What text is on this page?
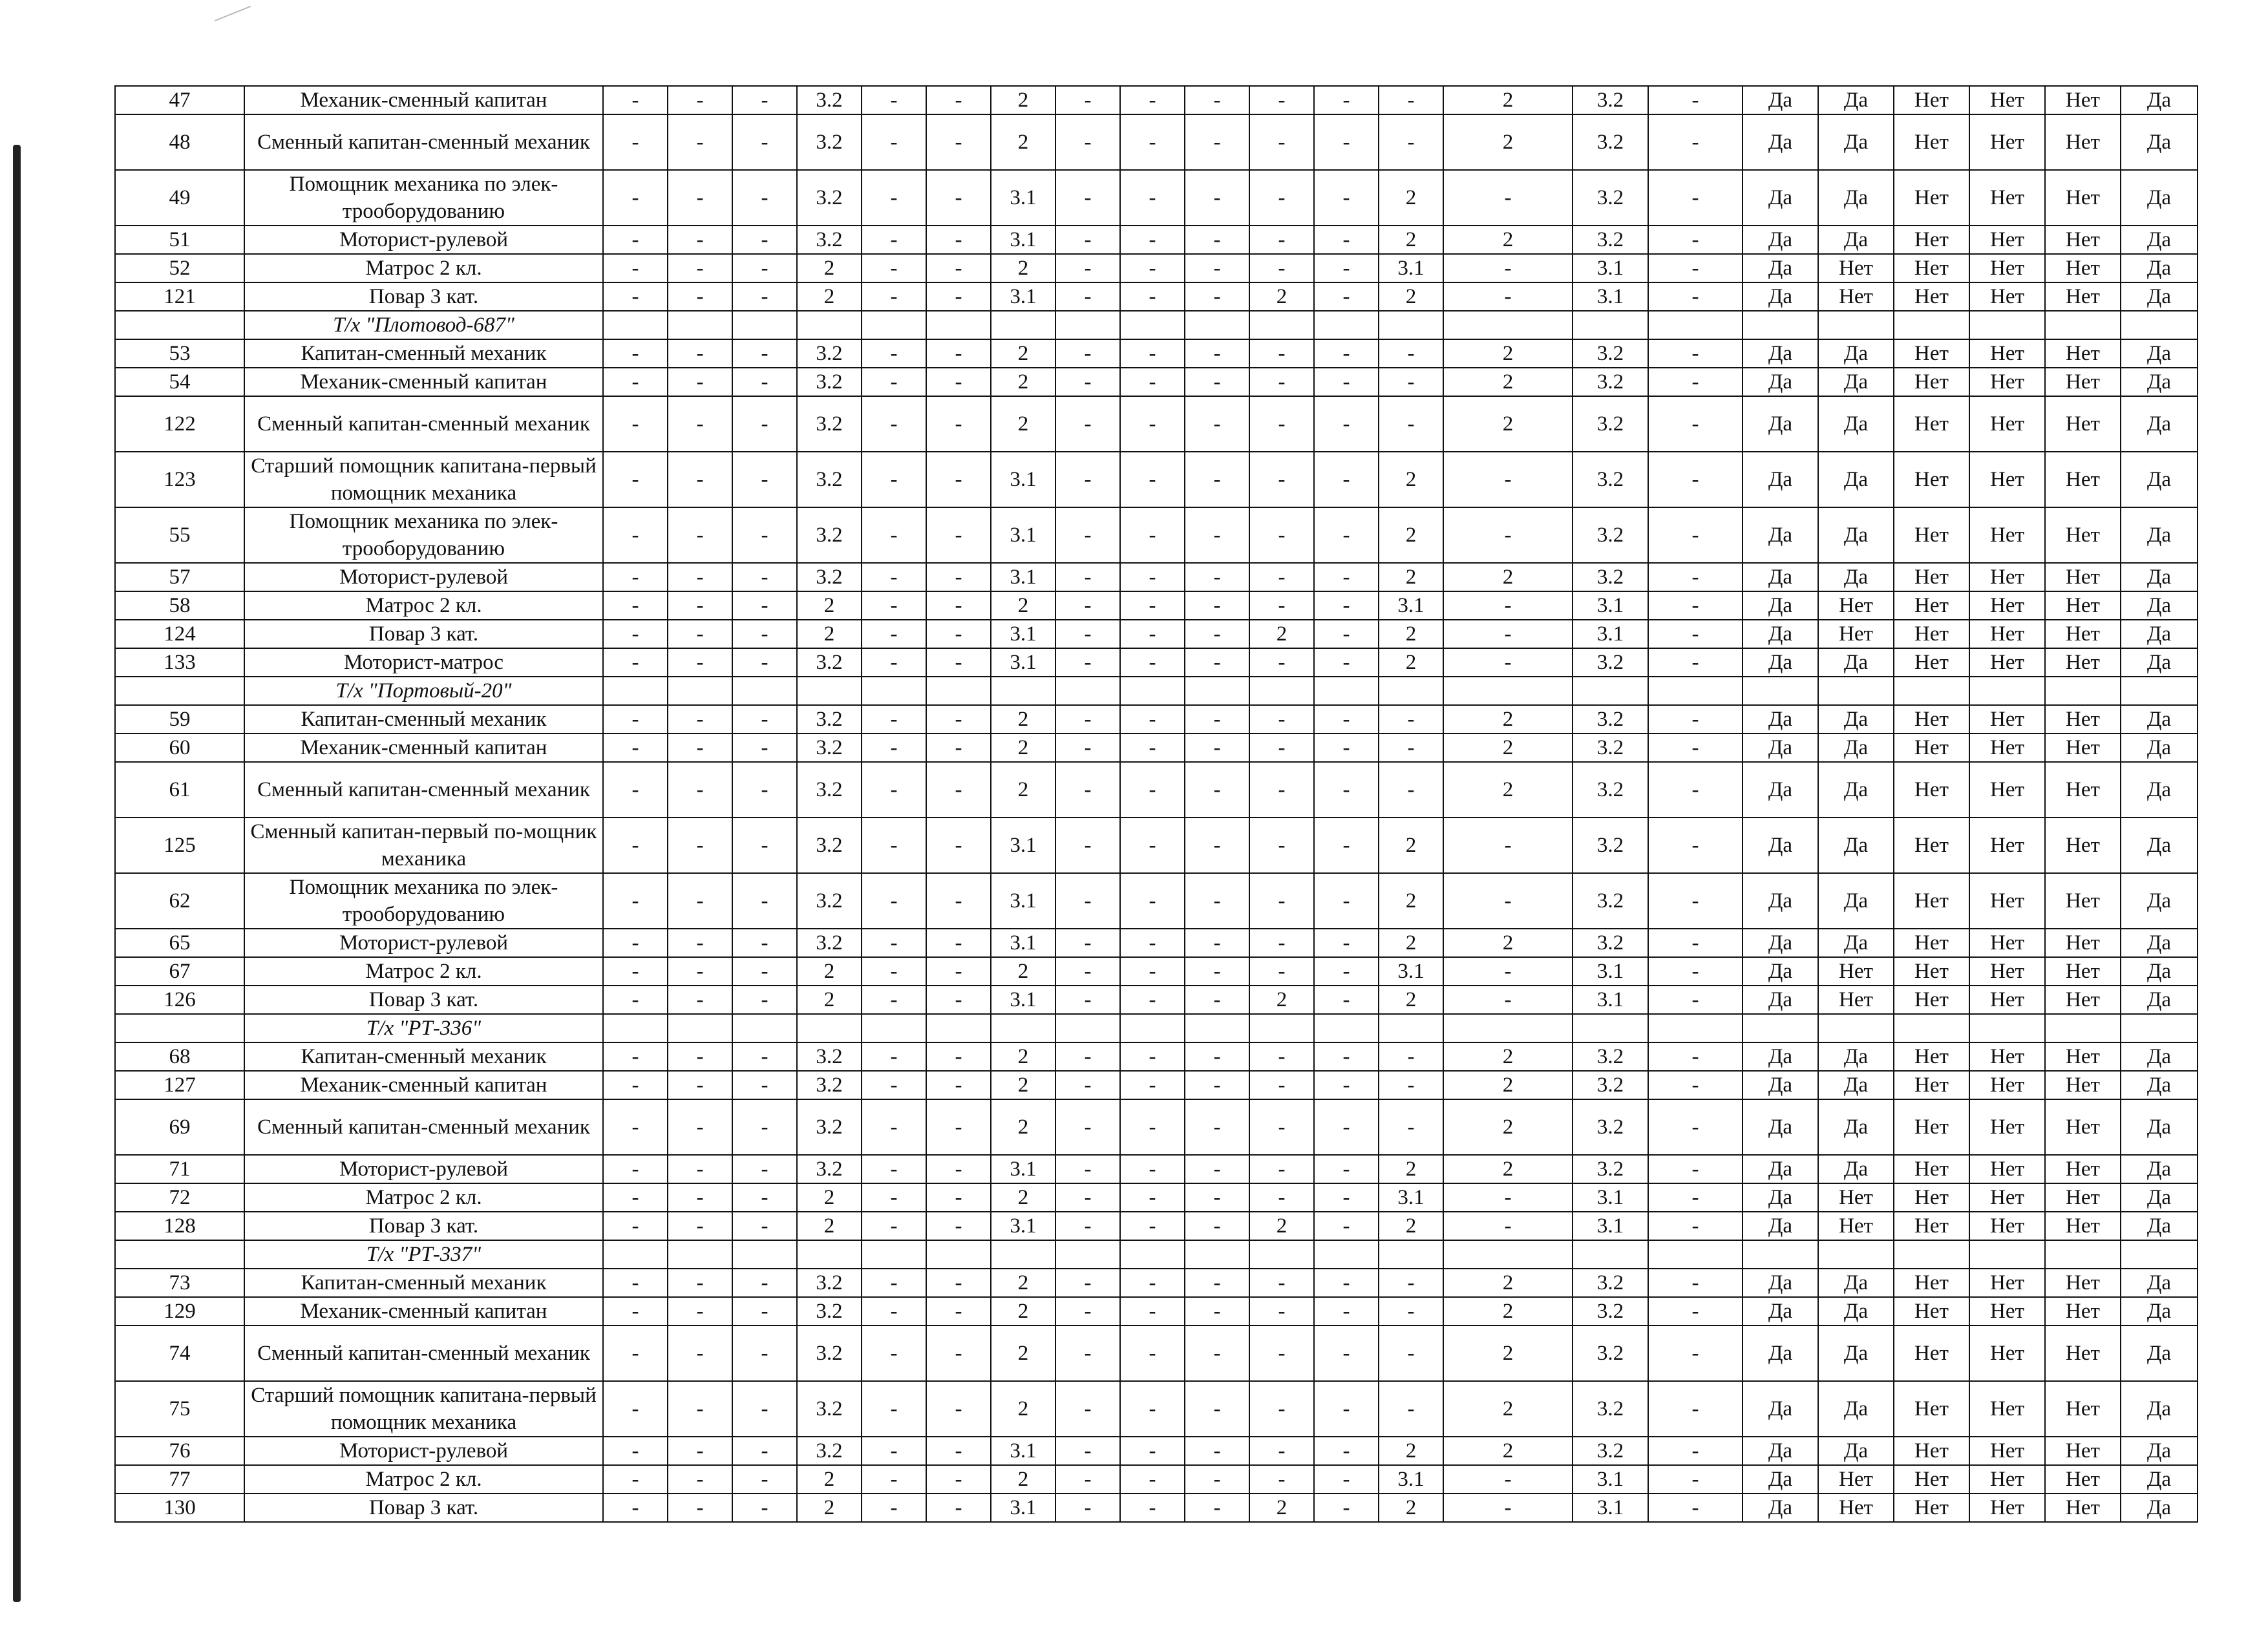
47	Механик-сменный капитан	-	-	-	3.2	-	-	2	-	-	-	-	-	-	2	3.2	-	Да	Да	Нет	Нет	Нет	Да
48	Сменный капитан-сменный механик	-	-	-	3.2	-	-	2	-	-	-	-	-	-	2	3.2	-	Да	Да	Нет	Нет	Нет	Да
49	Помощник механика по элек-трооборудованию	-	-	-	3.2	-	-	3.1	-	-	-	-	-	2	-	3.2	-	Да	Да	Нет	Нет	Нет	Да
51	Моторист-рулевой	-	-	-	3.2	-	-	3.1	-	-	-	-	-	2	2	3.2	-	Да	Да	Нет	Нет	Нет	Да
52	Матрос 2 кл.	-	-	-	2	-	-	2	-	-	-	-	-	3.1	-	3.1	-	Да	Нет	Нет	Нет	Нет	Да
121	Повар 3 кат.	-	-	-	2	-	-	3.1	-	-	-	2	-	2	-	3.1	-	Да	Нет	Нет	Нет	Нет	Да
	Т/х "Плотовод-687"																						
53	Капитан-сменный механик	-	-	-	3.2	-	-	2	-	-	-	-	-	-	2	3.2	-	Да	Да	Нет	Нет	Нет	Да
54	Механик-сменный капитан	-	-	-	3.2	-	-	2	-	-	-	-	-	-	2	3.2	-	Да	Да	Нет	Нет	Нет	Да
122	Сменный капитан-сменный механик	-	-	-	3.2	-	-	2	-	-	-	-	-	-	2	3.2	-	Да	Да	Нет	Нет	Нет	Да
123	Старший помощник капитана-первый помощник механика	-	-	-	3.2	-	-	3.1	-	-	-	-	-	2	-	3.2	-	Да	Да	Нет	Нет	Нет	Да
55	Помощник механика по элек-трооборудованию	-	-	-	3.2	-	-	3.1	-	-	-	-	-	2	-	3.2	-	Да	Да	Нет	Нет	Нет	Да
57	Моторист-рулевой	-	-	-	3.2	-	-	3.1	-	-	-	-	-	2	2	3.2	-	Да	Да	Нет	Нет	Нет	Да
58	Матрос 2 кл.	-	-	-	2	-	-	2	-	-	-	-	-	3.1	-	3.1	-	Да	Нет	Нет	Нет	Нет	Да
124	Повар 3 кат.	-	-	-	2	-	-	3.1	-	-	-	2	-	2	-	3.1	-	Да	Нет	Нет	Нет	Нет	Да
133	Моторист-матрос	-	-	-	3.2	-	-	3.1	-	-	-	-	-	2	-	3.2	-	Да	Да	Нет	Нет	Нет	Да
	Т/х "Портовый-20"																						
59	Капитан-сменный механик	-	-	-	3.2	-	-	2	-	-	-	-	-	-	2	3.2	-	Да	Да	Нет	Нет	Нет	Да
60	Механик-сменный капитан	-	-	-	3.2	-	-	2	-	-	-	-	-	-	2	3.2	-	Да	Да	Нет	Нет	Нет	Да
61	Сменный капитан-сменный механик	-	-	-	3.2	-	-	2	-	-	-	-	-	-	2	3.2	-	Да	Да	Нет	Нет	Нет	Да
125	Сменный капитан-первый по-мощник механика	-	-	-	3.2	-	-	3.1	-	-	-	-	-	2	-	3.2	-	Да	Да	Нет	Нет	Нет	Да
62	Помощник механика по элек-трооборудованию	-	-	-	3.2	-	-	3.1	-	-	-	-	-	2	-	3.2	-	Да	Да	Нет	Нет	Нет	Да
65	Моторист-рулевой	-	-	-	3.2	-	-	3.1	-	-	-	-	-	2	2	3.2	-	Да	Да	Нет	Нет	Нет	Да
67	Матрос 2 кл.	-	-	-	2	-	-	2	-	-	-	-	-	3.1	-	3.1	-	Да	Нет	Нет	Нет	Нет	Да
126	Повар 3 кат.	-	-	-	2	-	-	3.1	-	-	-	2	-	2	-	3.1	-	Да	Нет	Нет	Нет	Нет	Да
	Т/х "РТ-336"																						
68	Капитан-сменный механик	-	-	-	3.2	-	-	2	-	-	-	-	-	-	2	3.2	-	Да	Да	Нет	Нет	Нет	Да
127	Механик-сменный капитан	-	-	-	3.2	-	-	2	-	-	-	-	-	-	2	3.2	-	Да	Да	Нет	Нет	Нет	Да
69	Сменный капитан-сменный механик	-	-	-	3.2	-	-	2	-	-	-	-	-	-	2	3.2	-	Да	Да	Нет	Нет	Нет	Да
71	Моторист-рулевой	-	-	-	3.2	-	-	3.1	-	-	-	-	-	2	2	3.2	-	Да	Да	Нет	Нет	Нет	Да
72	Матрос 2 кл.	-	-	-	2	-	-	2	-	-	-	-	-	3.1	-	3.1	-	Да	Нет	Нет	Нет	Нет	Да
128	Повар 3 кат.	-	-	-	2	-	-	3.1	-	-	-	2	-	2	-	3.1	-	Да	Нет	Нет	Нет	Нет	Да
	Т/х "РТ-337"																						
73	Капитан-сменный механик	-	-	-	3.2	-	-	2	-	-	-	-	-	-	2	3.2	-	Да	Да	Нет	Нет	Нет	Да
129	Механик-сменный капитан	-	-	-	3.2	-	-	2	-	-	-	-	-	-	2	3.2	-	Да	Да	Нет	Нет	Нет	Да
74	Сменный капитан-сменный механик	-	-	-	3.2	-	-	2	-	-	-	-	-	-	2	3.2	-	Да	Да	Нет	Нет	Нет	Да
75	Старший помощник капитана-первый помощник механика	-	-	-	3.2	-	-	2	-	-	-	-	-	-	2	3.2	-	Да	Да	Нет	Нет	Нет	Да
76	Моторист-рулевой	-	-	-	3.2	-	-	3.1	-	-	-	-	-	2	2	3.2	-	Да	Да	Нет	Нет	Нет	Да
77	Матрос 2 кл.	-	-	-	2	-	-	2	-	-	-	-	-	3.1	-	3.1	-	Да	Нет	Нет	Нет	Нет	Да
130	Повар 3 кат.	-	-	-	2	-	-	3.1	-	-	-	2	-	2	-	3.1	-	Да	Нет	Нет	Нет	Нет	Да
